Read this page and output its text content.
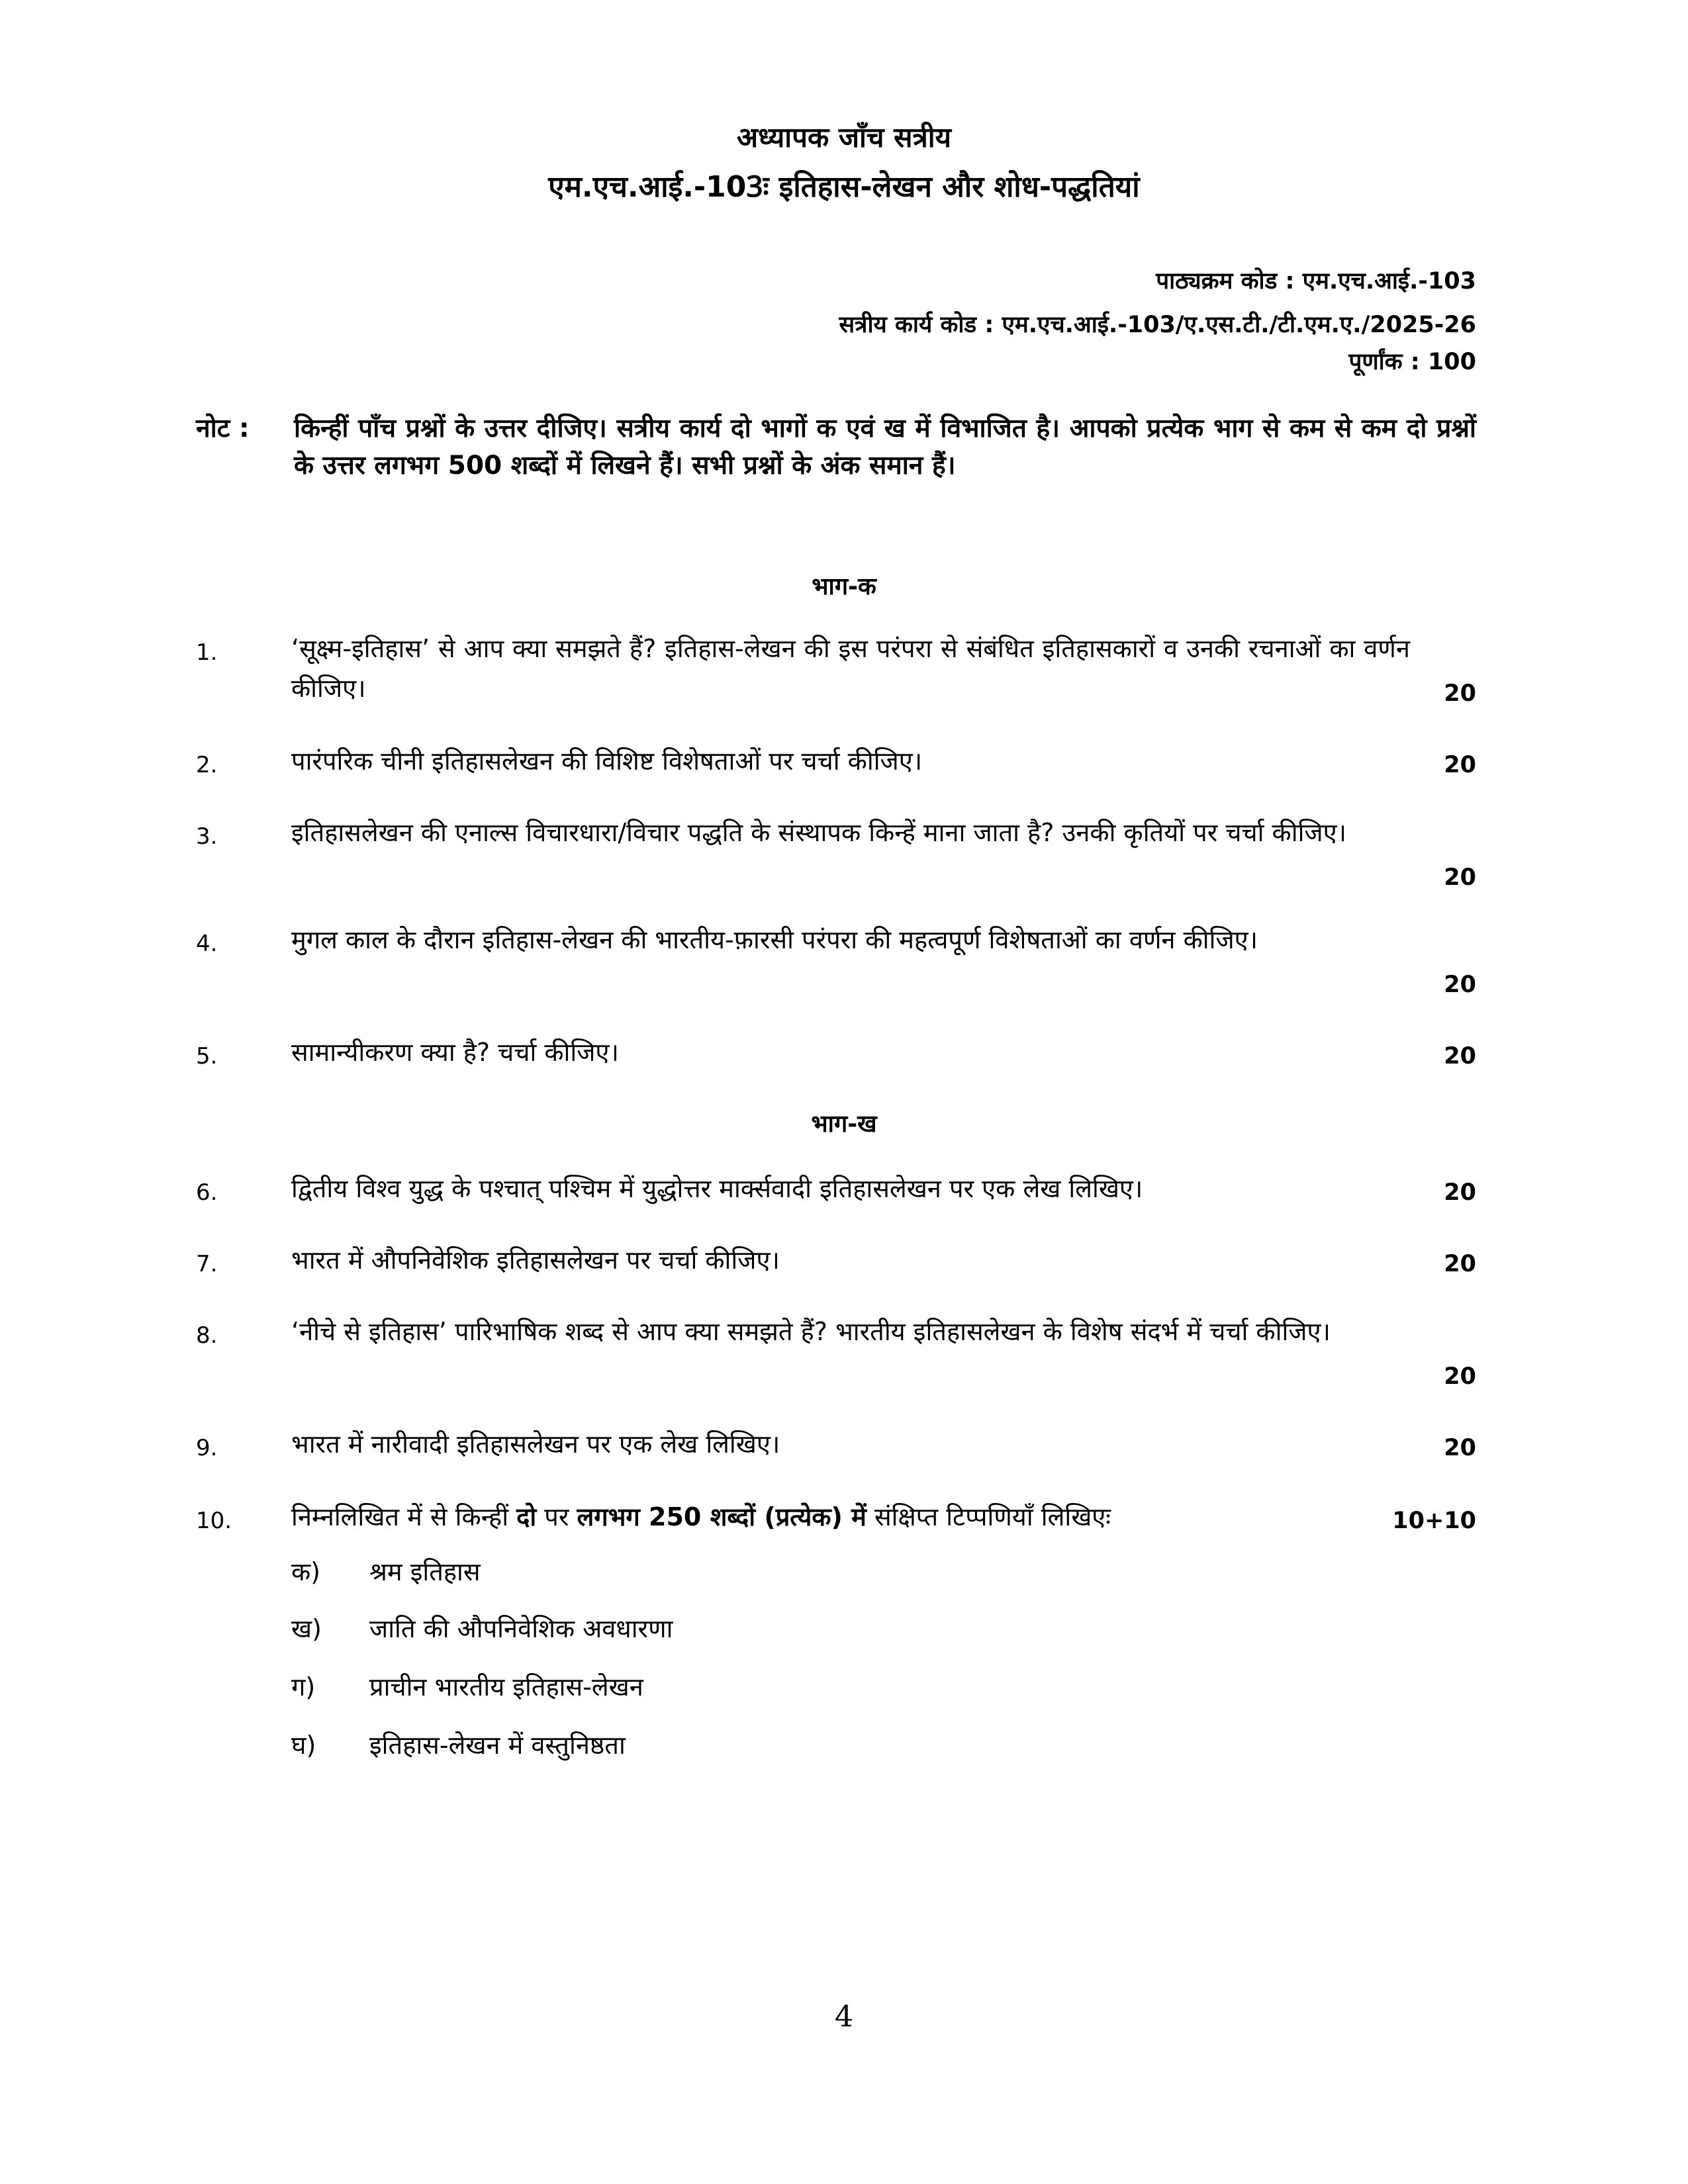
अध्यापक जाँच सत्रीय
एम.एच.आई.-103ः इतिहास-लेखन और शोध-पद्धतियां
पाठ्यक्रम कोड : एम.एच.आई.-103
सत्रीय कार्य कोड : एम.एच.आई.-103/ए.एस.टी./टी.एम.ए./2025-26
पूर्णांक : 100
नोट : किन्हीं पाँच प्रश्नों के उत्तर दीजिए। सत्रीय कार्य दो भागों क एवं ख में विभाजित है। आपको प्रत्येक भाग से कम से कम दो प्रश्नों के उत्तर लगभग 500 शब्दों में लिखने हैं। सभी प्रश्नों के अंक समान हैं।
भाग-क
1.	‘सूक्ष्म-इतिहास’ से आप क्या समझते हैं? इतिहास-लेखन की इस परंपरा से संबंधित इतिहासकारों व उनकी रचनाओं का वर्णन कीजिए।	20
2.	पारंपरिक चीनी इतिहासलेखन की विशिष्ट विशेषताओं पर चर्चा कीजिए।	20
3.	इतिहासलेखन की एनाल्स विचारधारा/विचार पद्धति के संस्थापक किन्हें माना जाता है? उनकी कृतियों पर चर्चा कीजिए।
20
4.	मुगल काल के दौरान इतिहास-लेखन की भारतीय-फ़ारसी परंपरा की महत्वपूर्ण विशेषताओं का वर्णन कीजिए।
20
5.	सामान्यीकरण क्या है? चर्चा कीजिए।	20
भाग-ख
6.	द्वितीय विश्व युद्ध के पश्चात् पश्चिम में युद्धोत्तर मार्क्सवादी इतिहासलेखन पर एक लेख लिखिए।	20
7.	भारत में औपनिवेशिक इतिहासलेखन पर चर्चा कीजिए।	20
8.	‘नीचे से इतिहास’ पारिभाषिक शब्द से आप क्या समझते हैं? भारतीय इतिहासलेखन के विशेष संदर्भ में चर्चा कीजिए।
20
9.	भारत में नारीवादी इतिहासलेखन पर एक लेख लिखिए।	20
10. निम्नलिखित में से किन्हीं दो पर लगभग 250 शब्दों (प्रत्येक) में संक्षिप्त टिप्पणियाँ लिखिएः	10+10
क) श्रम इतिहास
ख) जाति की औपनिवेशिक अवधारणा
ग) प्राचीन भारतीय इतिहास-लेखन
घ) इतिहास-लेखन में वस्तुनिष्ठता
4
